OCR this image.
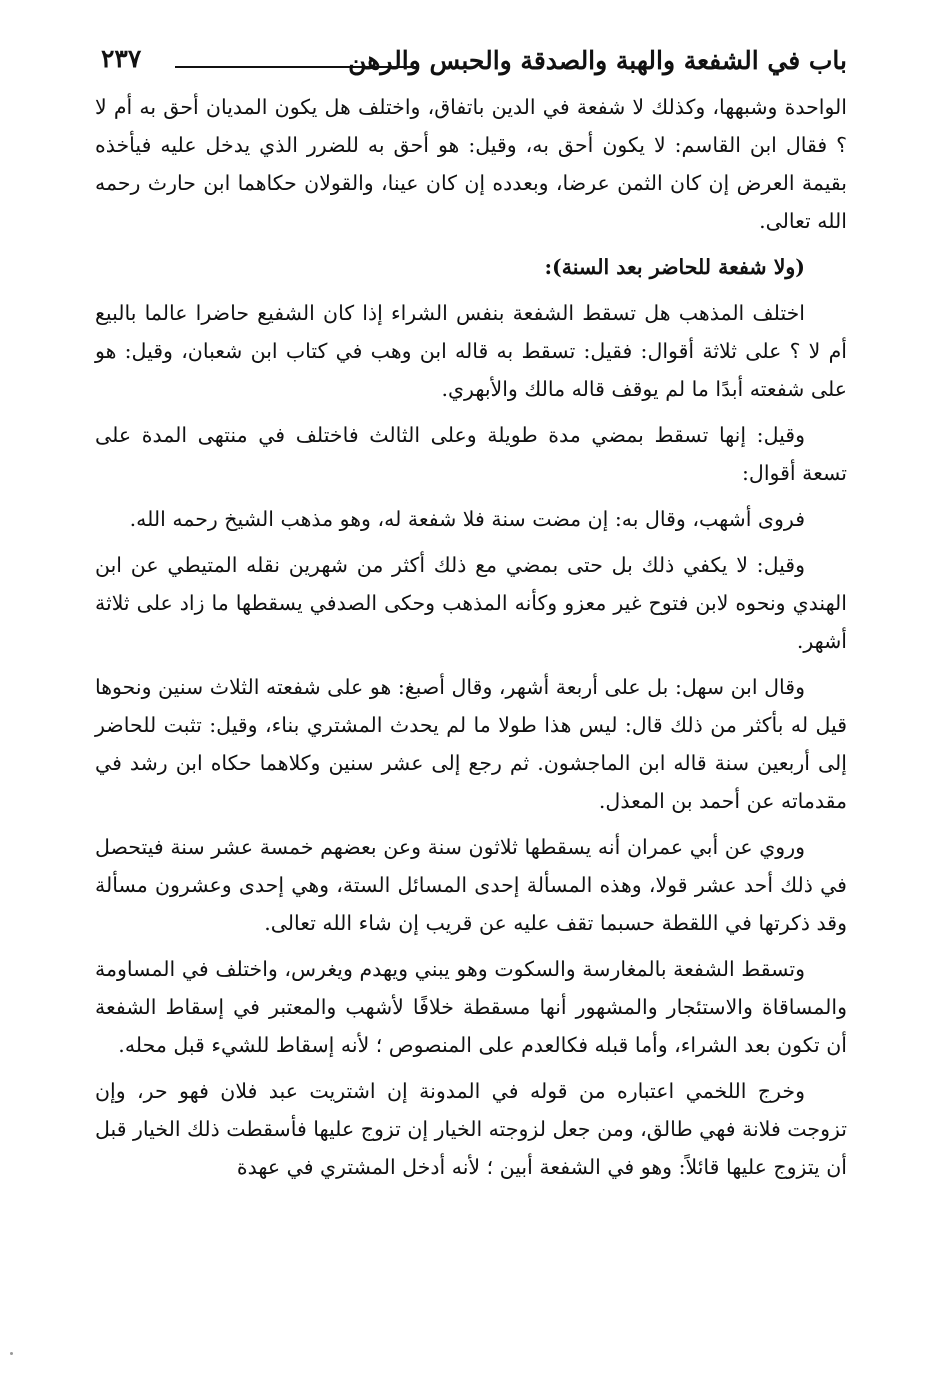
باب في الشفعة والهبة والصدقة والحبس والرهن
٢٣٧

الواحدة وشبهها، وكذلك لا شفعة في الدين باتفاق، واختلف هل يكون المديان أحق به أم لا ؟ فقال ابن القاسم: لا يكون أحق به، وقيل: هو أحق به للضرر الذي يدخل عليه فيأخذه بقيمة العرض إن كان الثمن عرضا، وبعدده إن كان عينا، والقولان حكاهما ابن حارث رحمه الله تعالى.

(ولا شفعة للحاضر بعد السنة):

اختلف المذهب هل تسقط الشفعة بنفس الشراء إذا كان الشفيع حاضرا عالما بالبيع أم لا ؟ على ثلاثة أقوال: فقيل: تسقط به قاله ابن وهب في كتاب ابن شعبان، وقيل: هو على شفعته أبدًا ما لم يوقف قاله مالك والأبهري.

وقيل: إنها تسقط بمضي مدة طويلة وعلى الثالث فاختلف في منتهى المدة على تسعة أقوال:

فروى أشهب، وقال به: إن مضت سنة فلا شفعة له، وهو مذهب الشيخ رحمه الله.

وقيل: لا يكفي ذلك بل حتى بمضي مع ذلك أكثر من شهرين نقله المتيطي عن ابن الهندي ونحوه لابن فتوح غير معزو وكأنه المذهب وحكى الصدفي يسقطها ما زاد على ثلاثة أشهر.

وقال ابن سهل: بل على أربعة أشهر، وقال أصبغ: هو على شفعته الثلاث سنين ونحوها قيل له بأكثر من ذلك قال: ليس هذا طولا ما لم يحدث المشتري بناء، وقيل: تثبت للحاضر إلى أربعين سنة قاله ابن الماجشون. ثم رجع إلى عشر سنين وكلاهما حكاه ابن رشد في مقدماته عن أحمد بن المعذل.

وروي عن أبي عمران أنه يسقطها ثلاثون سنة وعن بعضهم خمسة عشر سنة فيتحصل في ذلك أحد عشر قولا، وهذه المسألة إحدى المسائل الستة، وهي إحدى وعشرون مسألة وقد ذكرتها في اللقطة حسبما تقف عليه عن قريب إن شاء الله تعالى.

وتسقط الشفعة بالمغارسة والسكوت وهو يبني ويهدم ويغرس، واختلف في المساومة والمساقاة والاستئجار والمشهور أنها مسقطة خلافًا لأشهب والمعتبر في إسقاط الشفعة أن تكون بعد الشراء، وأما قبله فكالعدم على المنصوص ؛ لأنه إسقاط للشيء قبل محله.

وخرج اللخمي اعتباره من قوله في المدونة إن اشتريت عبد فلان فهو حر، وإن تزوجت فلانة فهي طالق، ومن جعل لزوجته الخيار إن تزوج عليها فأسقطت ذلك الخيار قبل أن يتزوج عليها قائلاً: وهو في الشفعة أبين ؛ لأنه أدخل المشتري في عهدة
